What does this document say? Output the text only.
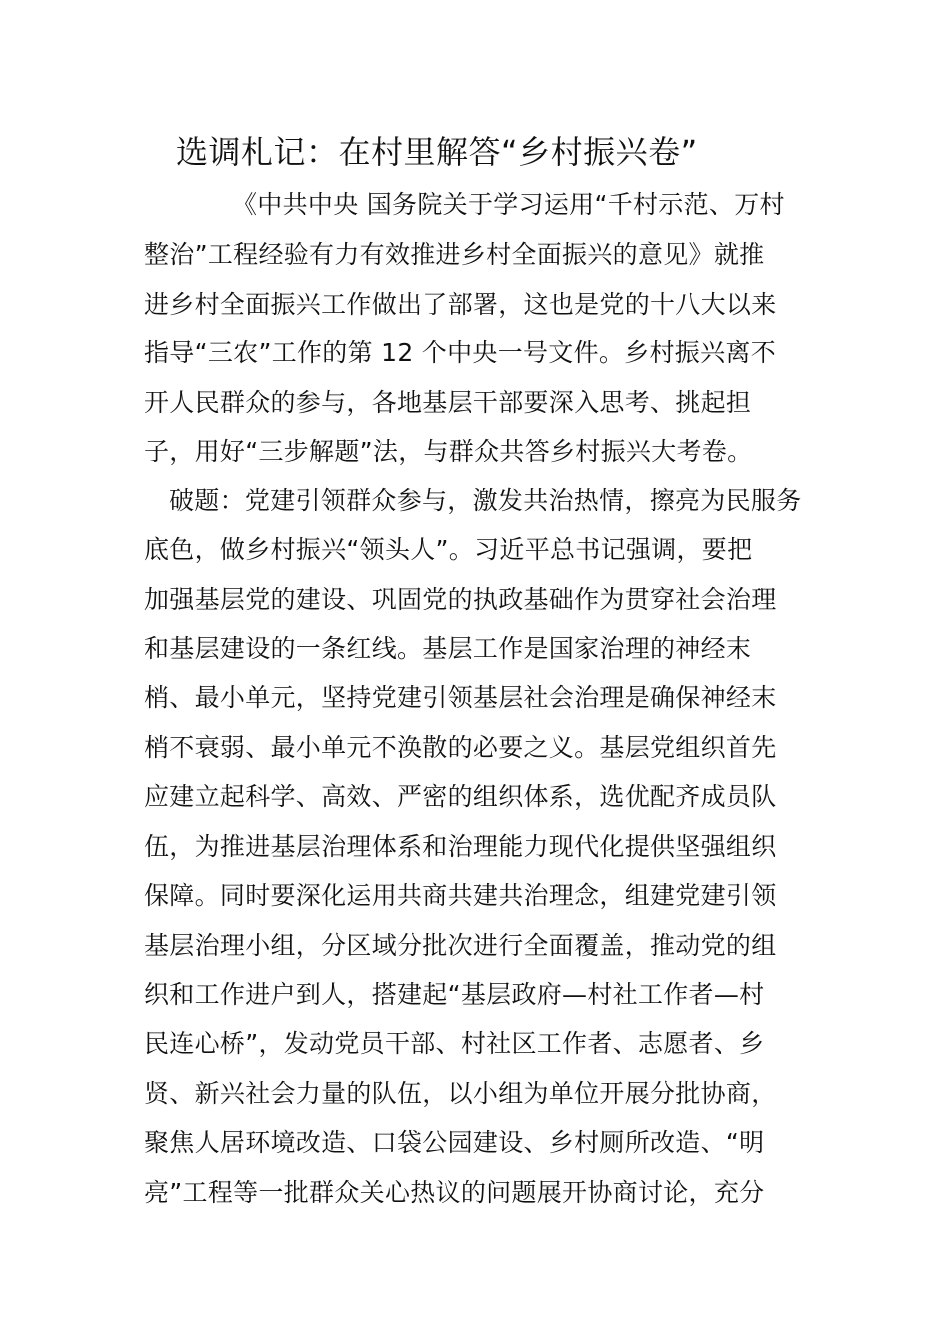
选调札记：在村里解答“乡村振兴卷”
《中共中央 国务院关于学习运用“千村示范、万村
整治”工程经验有力有效推进乡村全面振兴的意见》就推
进乡村全面振兴工作做出了部署，这也是党的十八大以来
指导“三农”工作的第 12 个中央一号文件。乡村振兴离不
开人民群众的参与，各地基层干部要深入思考、挑起担
子，用好“三步解题”法，与群众共答乡村振兴大考卷。
破题：党建引领群众参与，激发共治热情，擦亮为民服务
底色，做乡村振兴“领头人”。习近平总书记强调，要把
加强基层党的建设、巩固党的执政基础作为贯穿社会治理
和基层建设的一条红线。基层工作是国家治理的神经末
梢、最小单元，坚持党建引领基层社会治理是确保神经末
梢不衰弱、最小单元不涣散的必要之义。基层党组织首先
应建立起科学、高效、严密的组织体系，选优配齐成员队
伍，为推进基层治理体系和治理能力现代化提供坚强组织
保障。同时要深化运用共商共建共治理念，组建党建引领
基层治理小组，分区域分批次进行全面覆盖，推动党的组
织和工作进户到人，搭建起“基层政府—村社工作者—村
民连心桥”，发动党员干部、村社区工作者、志愿者、乡
贤、新兴社会力量的队伍，以小组为单位开展分批协商，
聚焦人居环境改造、口袋公园建设、乡村厕所改造、“明
亮”工程等一批群众关心热议的问题展开协商讨论，充分
